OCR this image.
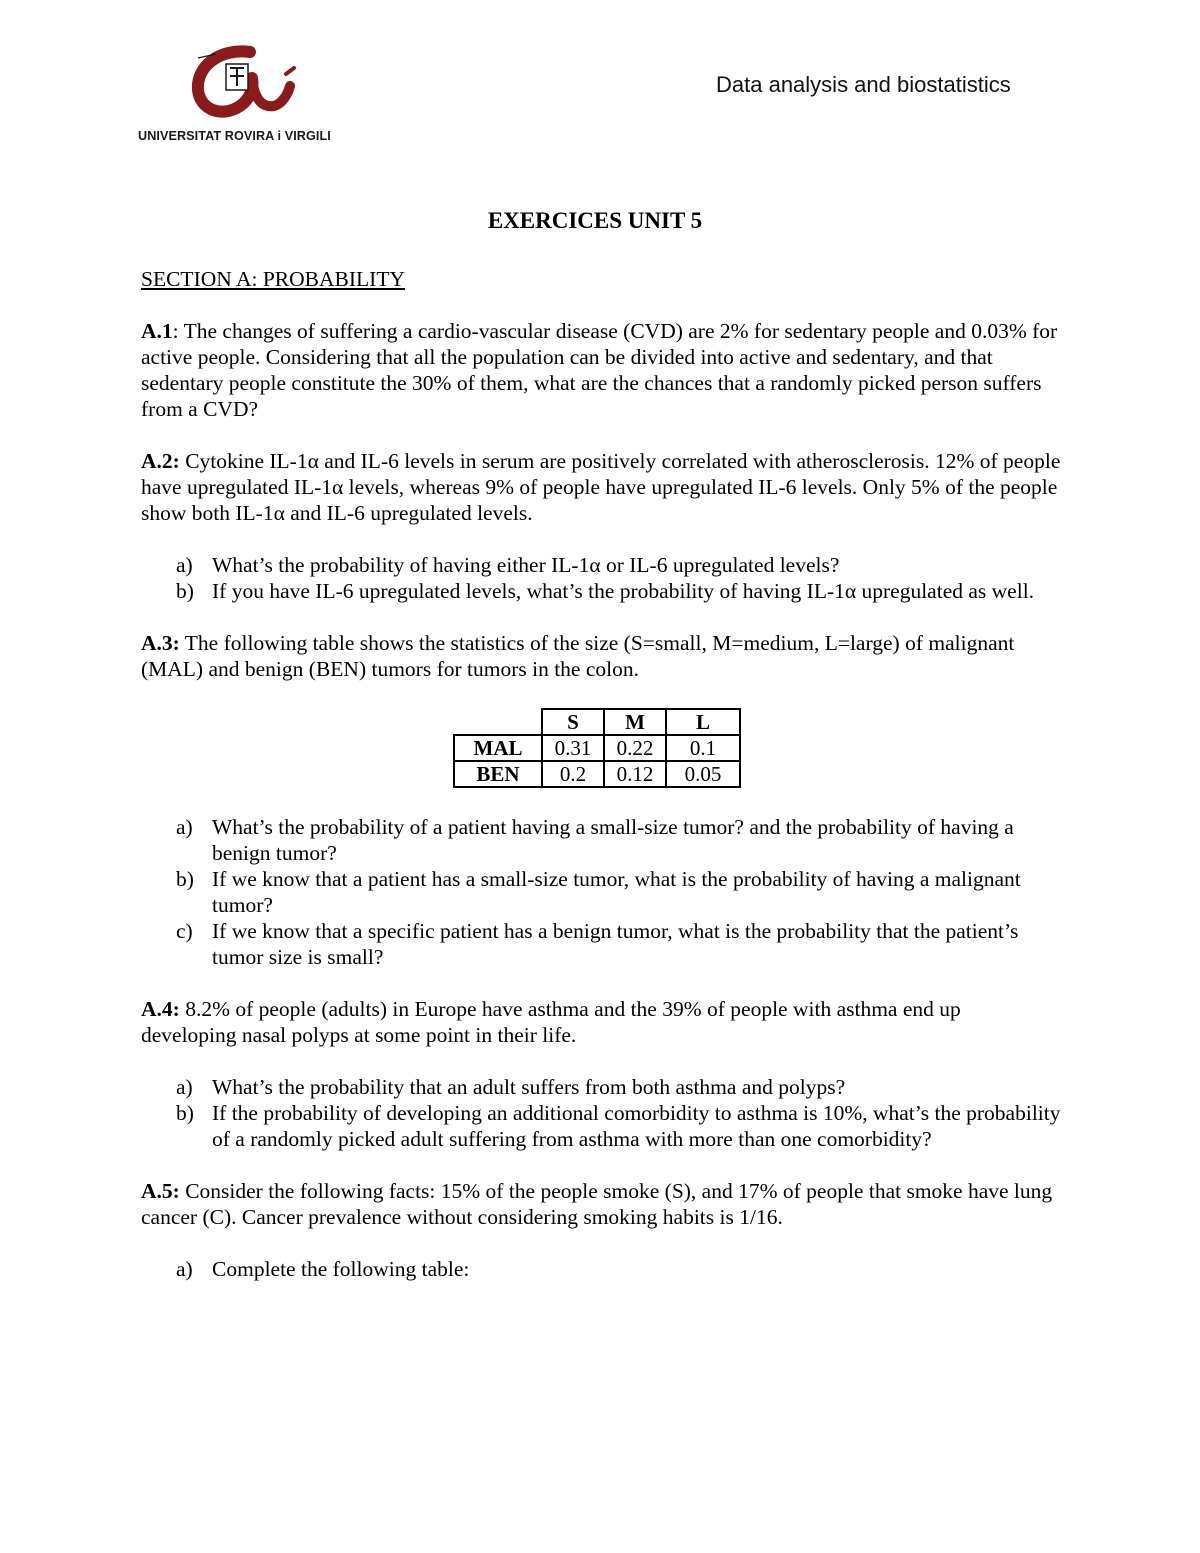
UNIVERSITAT ROVIRA i VIRGILI
Data analysis and biostatistics
EXERCICES UNIT 5
SECTION A: PROBABILITY

A.1: The changes of suffering a cardio-vascular disease (CVD) are 2% for sedentary people and 0.03% for active people. Considering that all the population can be divided into active and sedentary, and that sedentary people constitute the 30% of them, what are the chances that a randomly picked person suffers from a CVD?

A.2: Cytokine IL-1α and IL-6 levels in serum are positively correlated with atherosclerosis. 12% of people have upregulated IL-1α levels, whereas 9% of people have upregulated IL-6 levels. Only 5% of the people show both IL-1α and IL-6 upregulated levels.

a) What’s the probability of having either IL-1α or IL-6 upregulated levels?
b) If you have IL-6 upregulated levels, what’s the probability of having IL-1α upregulated as well.

A.3: The following table shows the statistics of the size (S=small, M=medium, L=large) of malignant (MAL) and benign (BEN) tumors for tumors in the colon.

	S	M	L
MAL	0.31	0.22	0.1
BEN	0.2	0.12	0.05
a) What’s the probability of a patient having a small-size tumor? and the probability of having a benign tumor?
b) If we know that a patient has a small-size tumor, what is the probability of having a malignant tumor?
c) If we know that a specific patient has a benign tumor, what is the probability that the patient’s tumor size is small?

A.4: 8.2% of people (adults) in Europe have asthma and the 39% of people with asthma end up developing nasal polyps at some point in their life.

a) What’s the probability that an adult suffers from both asthma and polyps?
b) If the probability of developing an additional comorbidity to asthma is 10%, what’s the probability of a randomly picked adult suffering from asthma with more than one comorbidity?

A.5: Consider the following facts: 15% of the people smoke (S), and 17% of people that smoke have lung cancer (C). Cancer prevalence without considering smoking habits is 1/16.

a) Complete the following table:
